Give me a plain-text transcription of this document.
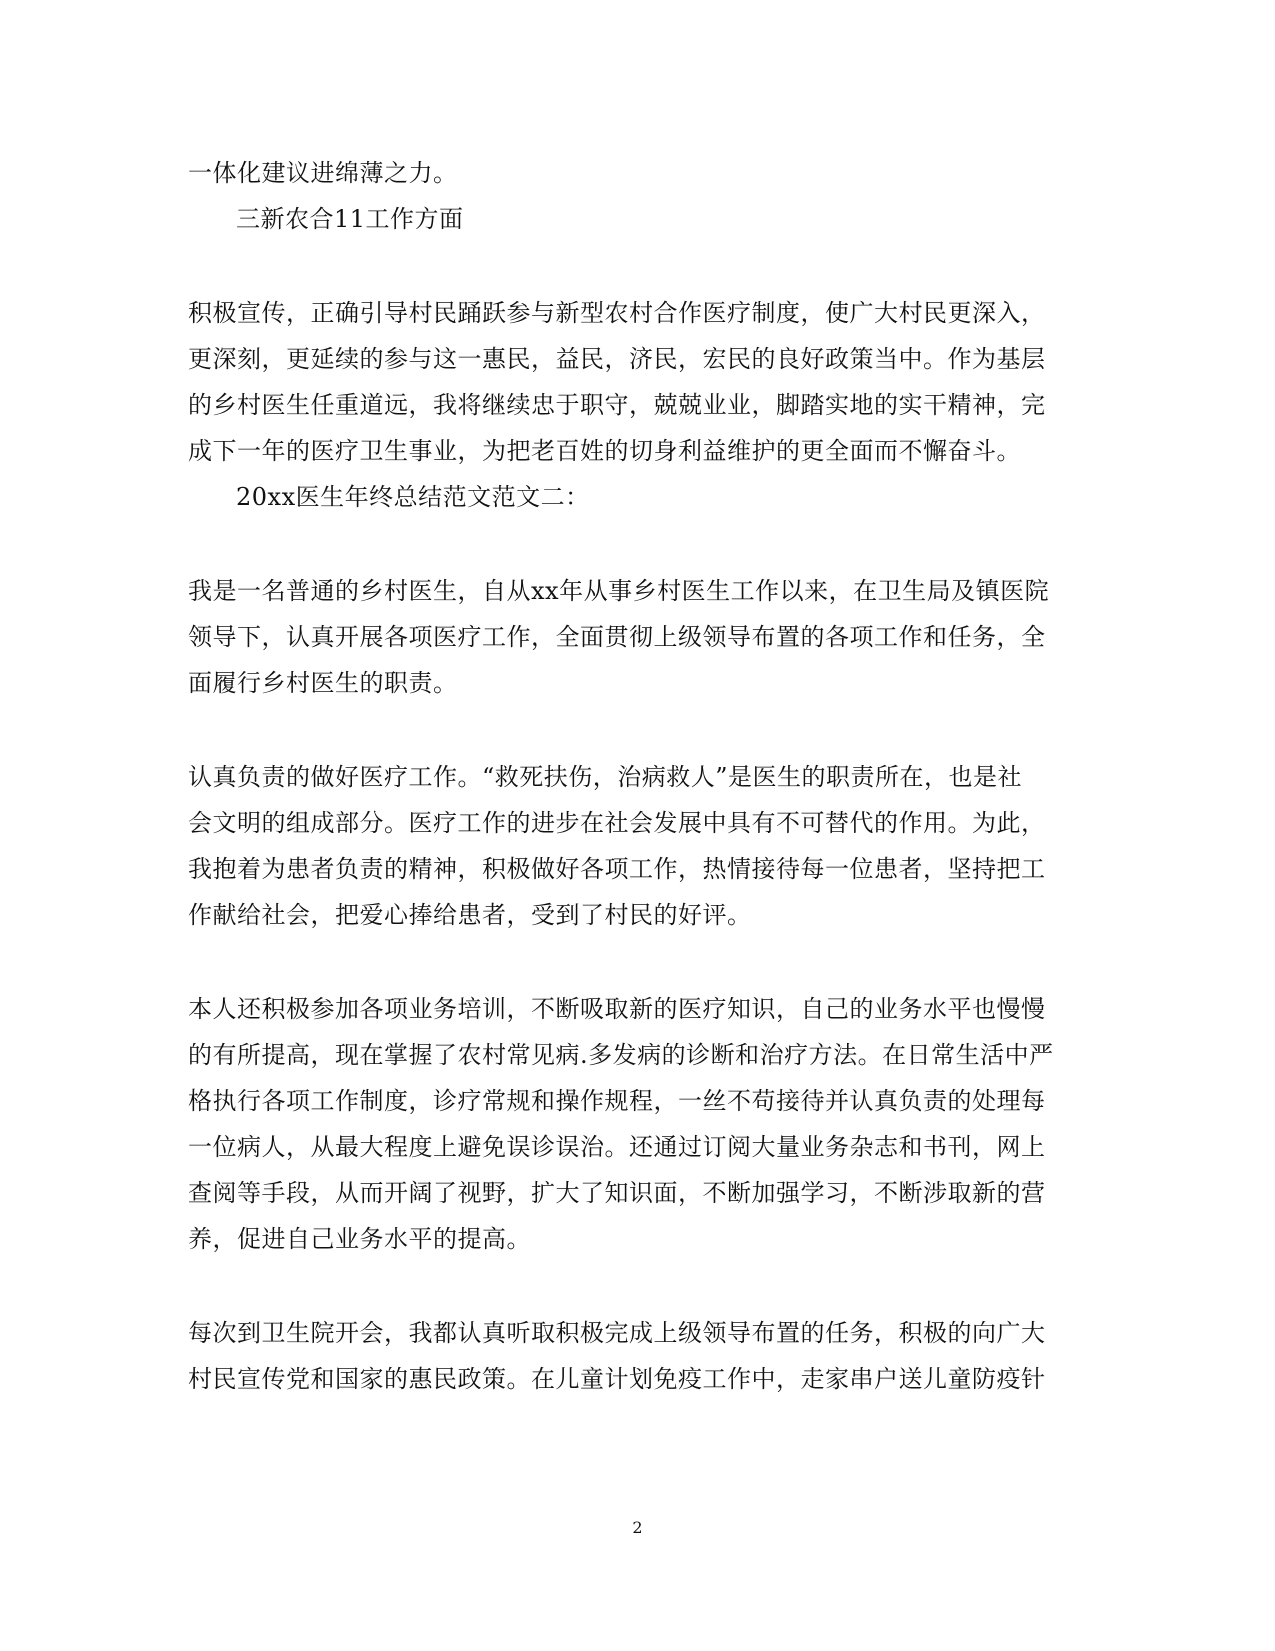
一体化建议进绵薄之力。
三新农合11工作方面
积极宣传，正确引导村民踊跃参与新型农村合作医疗制度，使广大村民更深入，
更深刻，更延续的参与这一惠民，益民，济民，宏民的良好政策当中。作为基层
的乡村医生任重道远，我将继续忠于职守，兢兢业业，脚踏实地的实干精神，完
成下一年的医疗卫生事业，为把老百姓的切身利益维护的更全面而不懈奋斗。
20xx医生年终总结范文范文二：
我是一名普通的乡村医生，自从xx年从事乡村医生工作以来，在卫生局及镇医院
领导下，认真开展各项医疗工作，全面贯彻上级领导布置的各项工作和任务，全
面履行乡村医生的职责。
认真负责的做好医疗工作。“救死扶伤，治病救人”是医生的职责所在，也是社
会文明的组成部分。医疗工作的进步在社会发展中具有不可替代的作用。为此，
我抱着为患者负责的精神，积极做好各项工作，热情接待每一位患者，坚持把工
作献给社会，把爱心捧给患者，受到了村民的好评。
本人还积极参加各项业务培训，不断吸取新的医疗知识，自己的业务水平也慢慢
的有所提高，现在掌握了农村常见病.多发病的诊断和治疗方法。在日常生活中严
格执行各项工作制度，诊疗常规和操作规程，一丝不苟接待并认真负责的处理每
一位病人，从最大程度上避免误诊误治。还通过订阅大量业务杂志和书刊，网上
查阅等手段，从而开阔了视野，扩大了知识面，不断加强学习，不断涉取新的营
养，促进自己业务水平的提高。
每次到卫生院开会，我都认真听取积极完成上级领导布置的任务，积极的向广大
村民宣传党和国家的惠民政策。在儿童计划免疫工作中，走家串户送儿童防疫针
2
